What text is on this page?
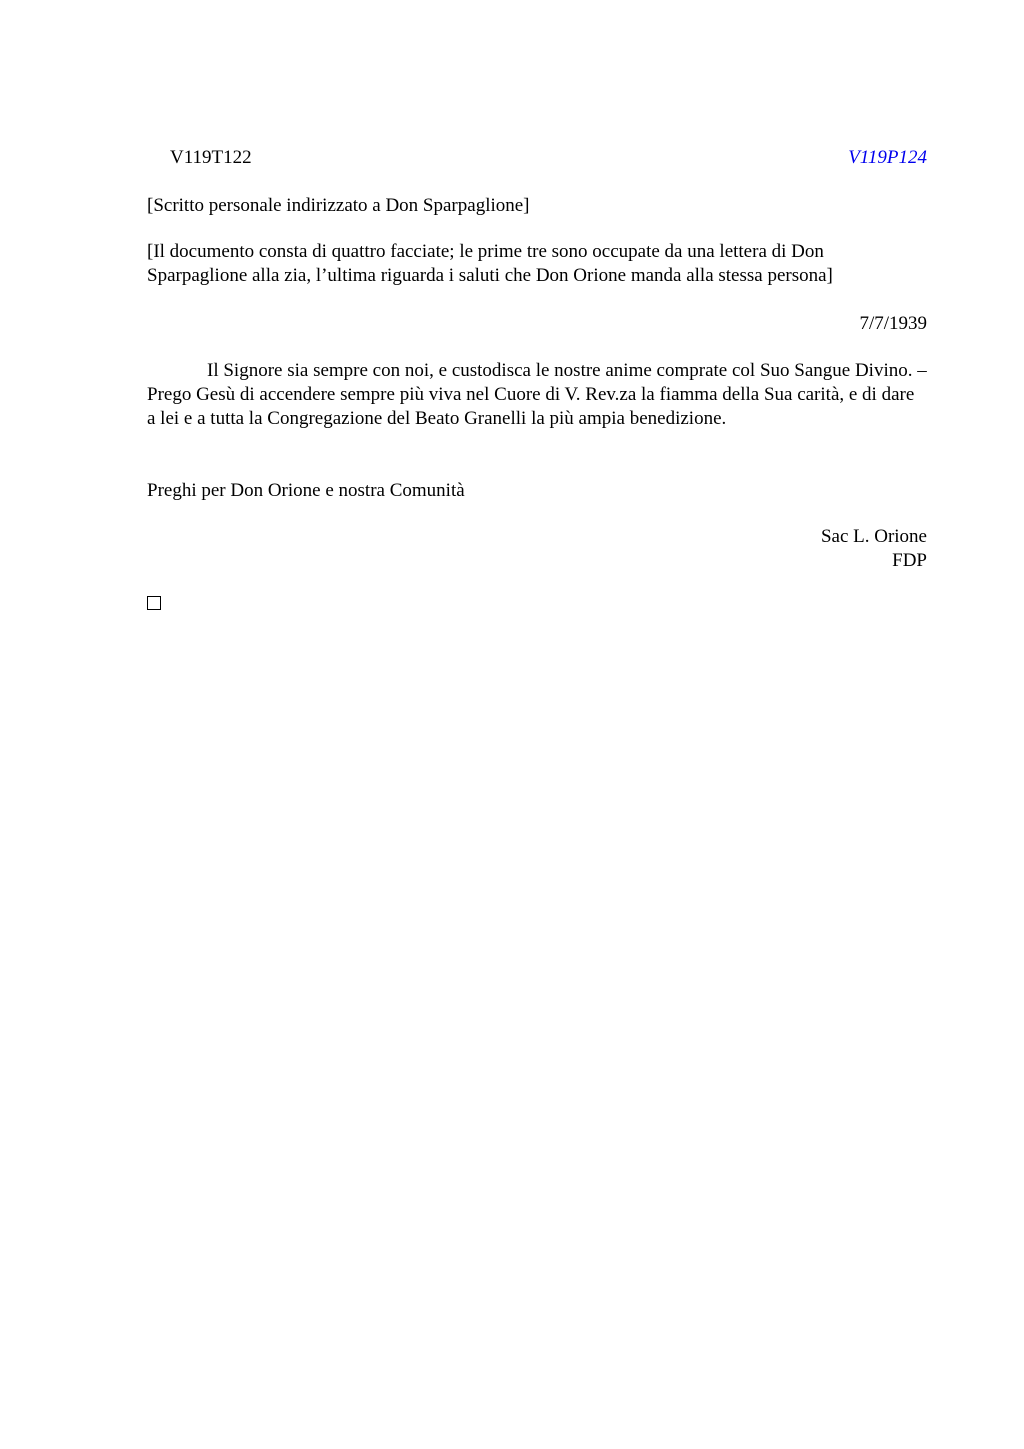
V119T122	V119P124

[Scritto personale indirizzato a Don Sparpaglione]

[Il documento consta di quattro facciate; le prime tre sono occupate da una lettera di Don Sparpaglione alla zia, l’ultima riguarda i saluti che Don Orione manda alla stessa persona]

7/7/1939

Il Signore sia sempre con noi, e custodisca le nostre anime comprate col Suo Sangue Divino. – Prego Gesù di accendere sempre più viva nel Cuore di V. Rev.za la fiamma della Sua carità, e di dare a lei e a tutta la Congregazione del Beato Granelli la più ampia benedizione.

Preghi per Don Orione e nostra Comunità

Sac L. Orione
FDP
